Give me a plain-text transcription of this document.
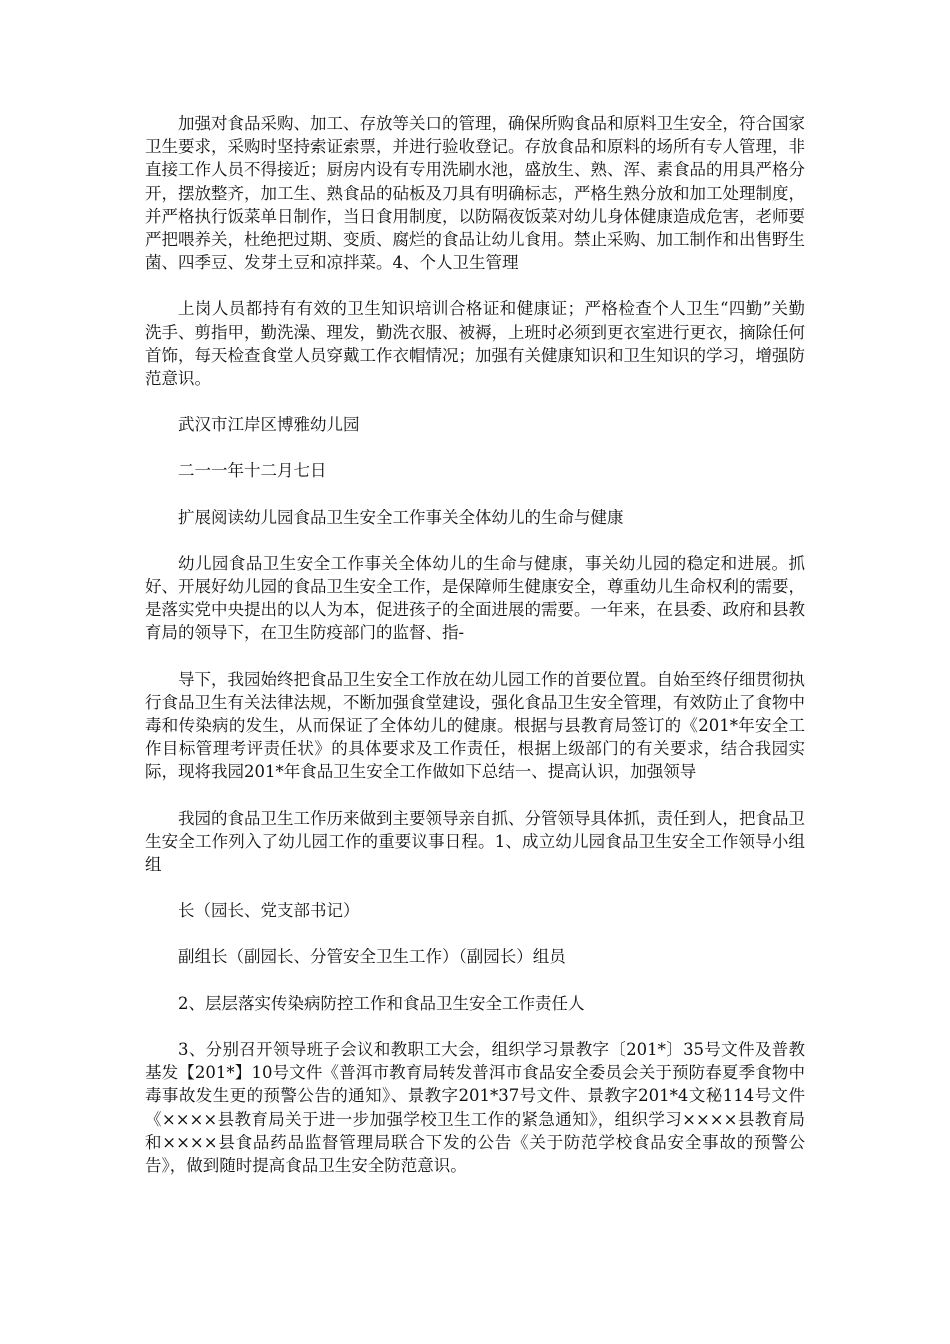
加强对食品采购、加工、存放等关口的管理，确保所购食品和原料卫生安全，符合国家卫生要求，采购时坚持索证索票，并进行验收登记。存放食品和原料的场所有专人管理，非直接工作人员不得接近；厨房内设有专用洗刷水池，盛放生、熟、浑、素食品的用具严格分开，摆放整齐，加工生、熟食品的砧板及刀具有明确标志，严格生熟分放和加工处理制度，并严格执行饭菜单日制作，当日食用制度，以防隔夜饭菜对幼儿身体健康造成危害，老师要严把喂养关，杜绝把过期、变质、腐烂的食品让幼儿食用。禁止采购、加工制作和出售野生菌、四季豆、发芽土豆和凉拌菜。4、个人卫生管理

上岗人员都持有有效的卫生知识培训合格证和健康证；严格检查个人卫生“四勤”关勤洗手、剪指甲，勤洗澡、理发，勤洗衣服、被褥，上班时必须到更衣室进行更衣，摘除任何首饰，每天检查食堂人员穿戴工作衣帽情况；加强有关健康知识和卫生知识的学习，增强防范意识。

武汉市江岸区博雅幼儿园

二一一年十二月七日

扩展阅读幼儿园食品卫生安全工作事关全体幼儿的生命与健康

幼儿园食品卫生安全工作事关全体幼儿的生命与健康，事关幼儿园的稳定和进展。抓好、开展好幼儿园的食品卫生安全工作，是保障师生健康安全，尊重幼儿生命权利的需要，是落实党中央提出的以人为本，促进孩子的全面进展的需要。一年来，在县委、政府和县教育局的领导下，在卫生防疫部门的监督、指-

导下，我园始终把食品卫生安全工作放在幼儿园工作的首要位置。自始至终仔细贯彻执行食品卫生有关法律法规，不断加强食堂建设，强化食品卫生安全管理，有效防止了食物中毒和传染病的发生，从而保证了全体幼儿的健康。根据与县教育局签订的《201*年安全工作目标管理考评责任状》的具体要求及工作责任，根据上级部门的有关要求，结合我园实际，现将我园201*年食品卫生安全工作做如下总结一、提高认识，加强领导

我园的食品卫生工作历来做到主要领导亲自抓、分管领导具体抓，责任到人，把食品卫生安全工作列入了幼儿园工作的重要议事日程。1、成立幼儿园食品卫生安全工作领导小组组

长（园长、党支部书记）

副组长（副园长、分管安全卫生工作）（副园长）组员

2、层层落实传染病防控工作和食品卫生安全工作责任人

3、分别召开领导班子会议和教职工大会，组织学习景教字〔201*〕35号文件及普教基发【201*】10号文件《普洱市教育局转发普洱市食品安全委员会关于预防春夏季食物中毒事故发生更的预警公告的通知》、景教字201*37号文件、景教字201*4文秘114号文件《××××县教育局关于进一步加强学校卫生工作的紧急通知》，组织学习××××县教育局和××××县食品药品监督管理局联合下发的公告《关于防范学校食品安全事故的预警公告》，做到随时提高食品卫生安全防范意识。
